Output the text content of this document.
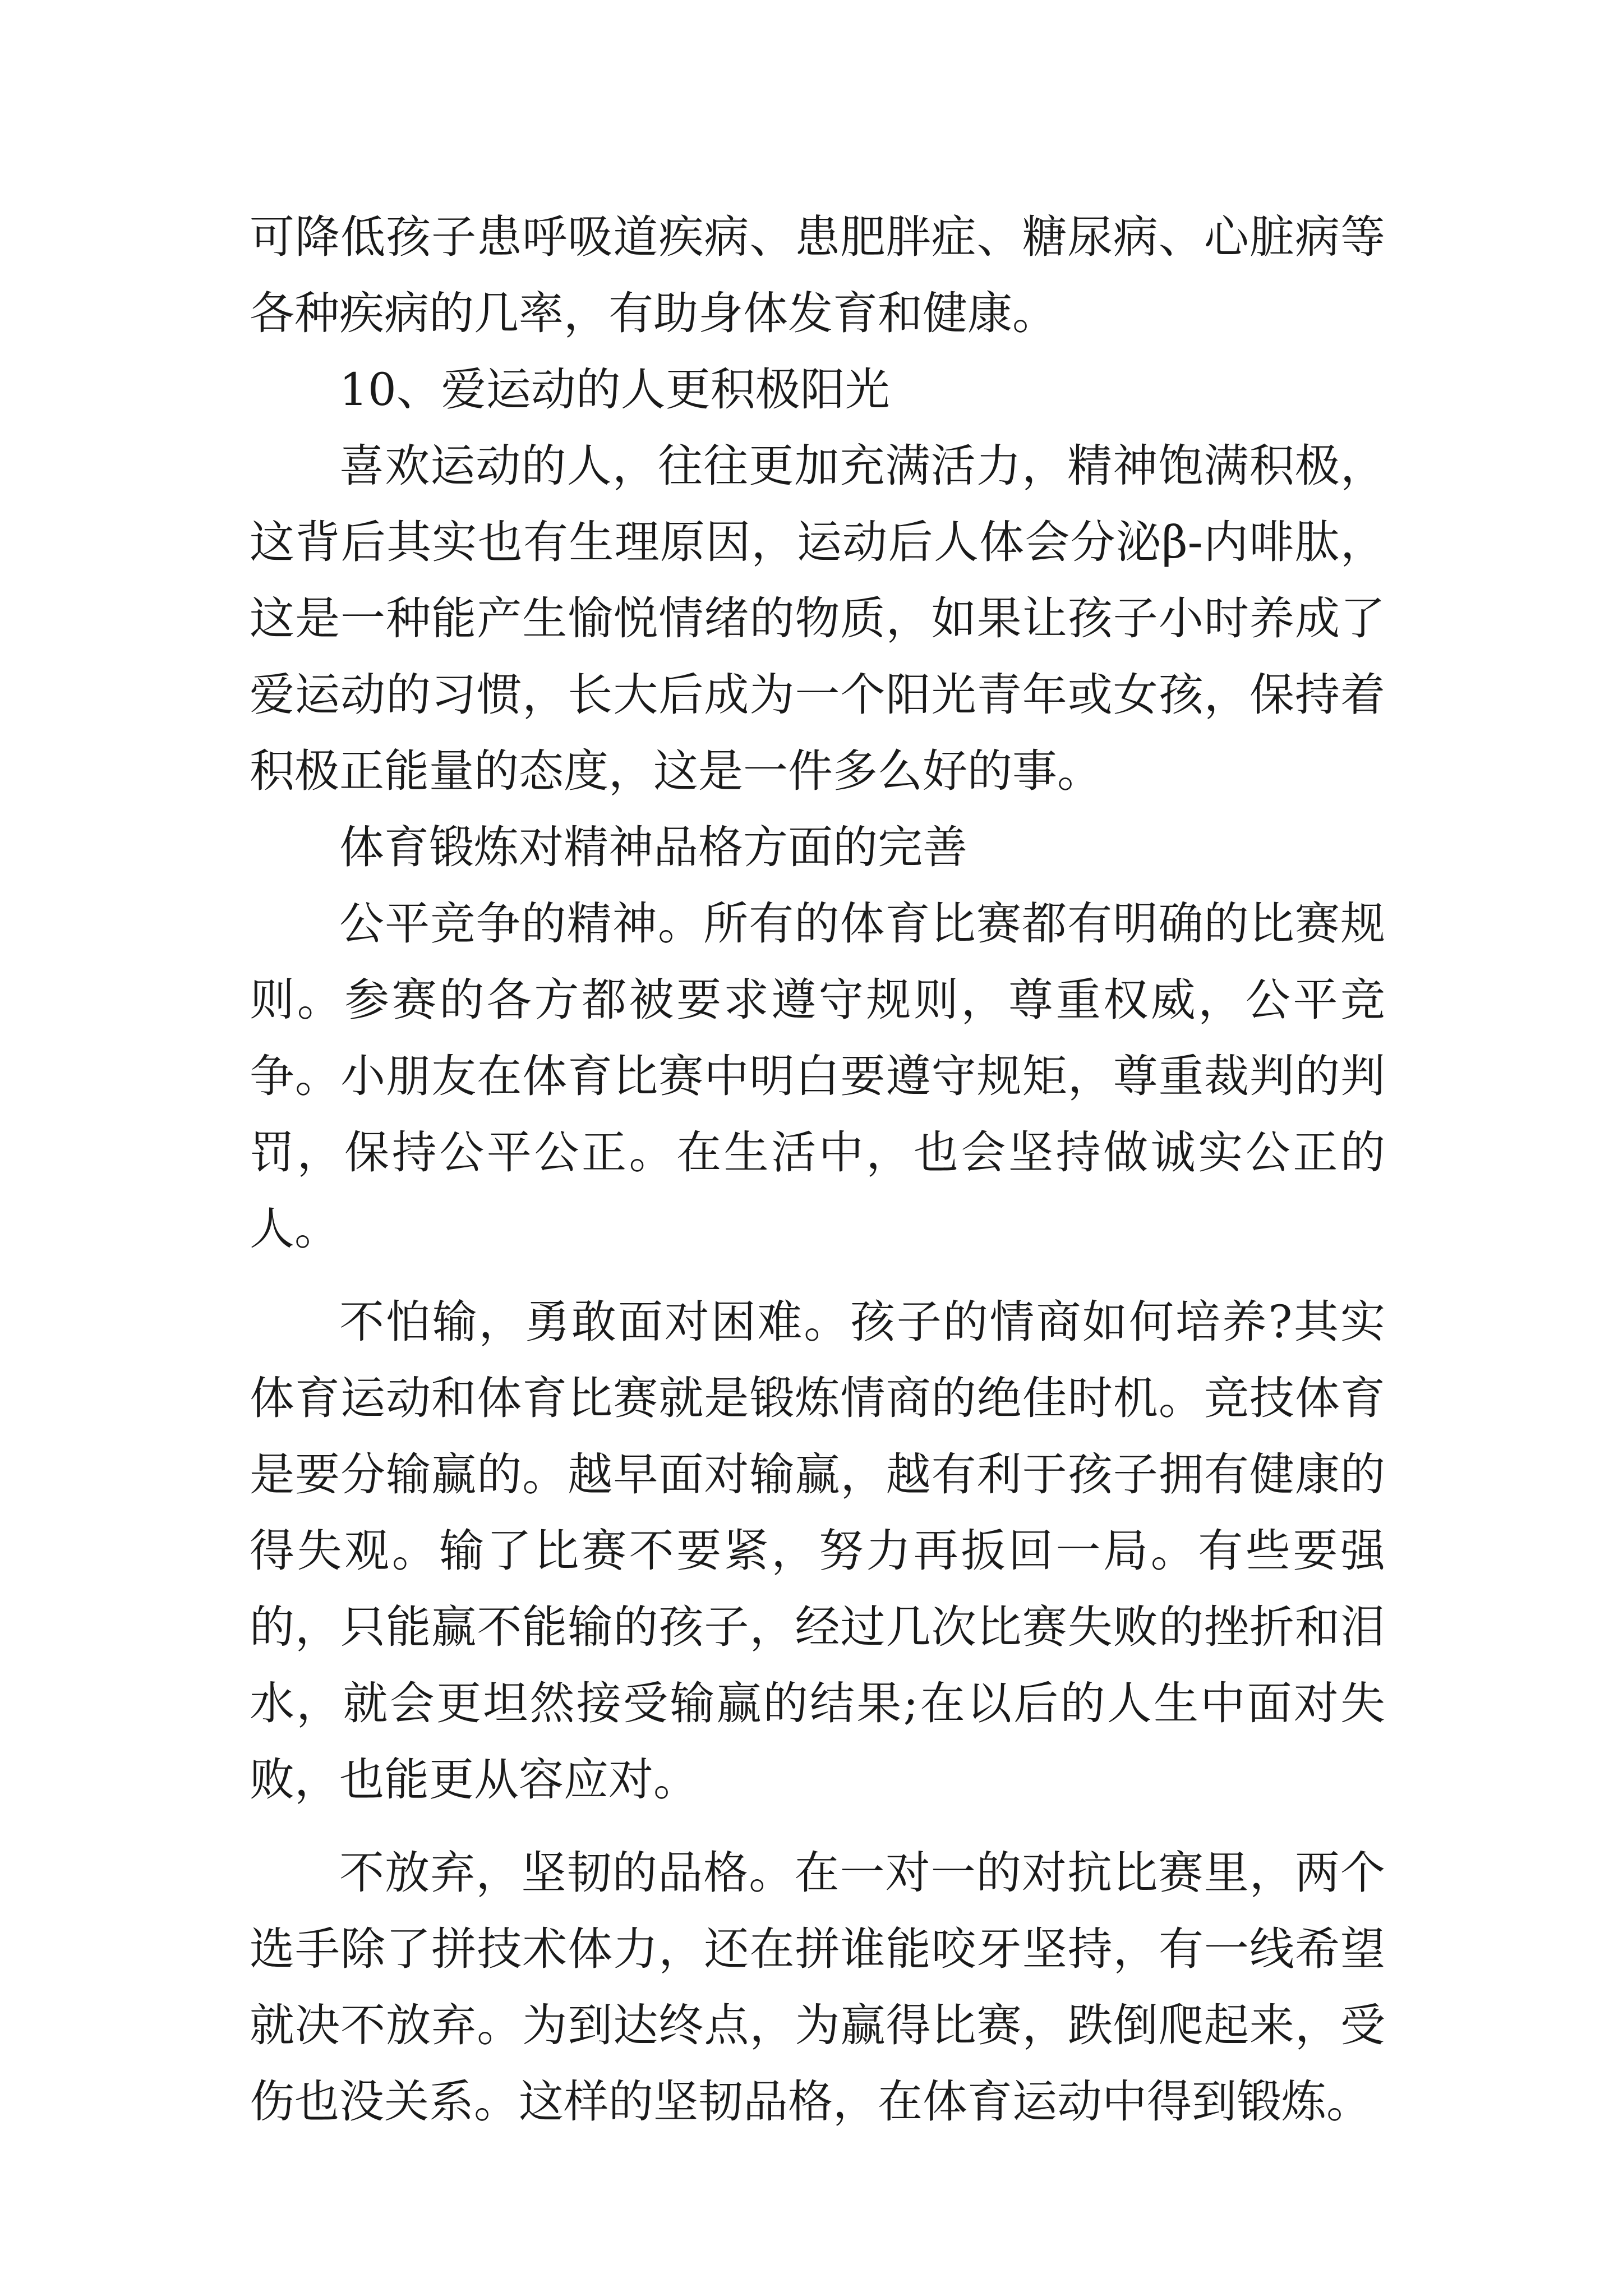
可降低孩子患呼吸道疾病、患肥胖症、糖尿病、心脏病等各种疾病的几率，有助身体发育和健康。

10、爱运动的人更积极阳光

喜欢运动的人，往往更加充满活力，精神饱满积极，这背后其实也有生理原因，运动后人体会分泌β-内啡肽， 这是一种能产生愉悦情绪的物质，如果让孩子小时养成了爱运动的习惯，长大后成为一个阳光青年或女孩，保持着积极正能量的态度，这是一件多么好的事。

体育锻炼对精神品格方面的完善

公平竞争的精神。所有的体育比赛都有明确的比赛规则。参赛的各方都被要求遵守规则，尊重权威，公平竞争。小朋友在体育比赛中明白要遵守规矩，尊重裁判的判罚，保持公平公正。在生活中，也会坚持做诚实公正的人。

不怕输，勇敢面对困难。孩子的情商如何培养?其实体育运动和体育比赛就是锻炼情商的绝佳时机。竞技体育是要分输赢的。越早面对输赢，越有利于孩子拥有健康的得失观。输了比赛不要紧，努力再扳回一局。有些要强的，只能赢不能输的孩子，经过几次比赛失败的挫折和泪水，就会更坦然接受输赢的结果;在以后的人生中面对失败，也能更从容应对。

不放弃，坚韧的品格。在一对一的对抗比赛里，两个选手除了拼技术体力，还在拼谁能咬牙坚持，有一线希望就决不放弃。为到达终点，为赢得比赛，跌倒爬起来，受伤也没关系。这样的坚韧品格，在体育运动中得到锻炼。
